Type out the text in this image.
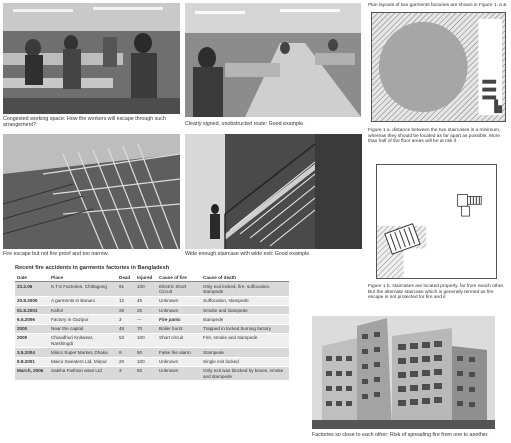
Congested working space: How the workers will escape through such arrangement?	Clearly signed, unobstructed route: Good example.
Fire escape but not fire proof and too narrow.	Wide enough staircase with wide exit: Good example.
Plan layouts of two garments factories are shown in Figure 1. a &
Figure 1 a. distance between the two staircases is a minimum, whereas they should be located as far apart as possible. More than half of the floor areas will be at risk if
Figure 1 b. staircases are located properly, far from neach other. But the alternate staircase which is generally termed as fire escape is not protected for fire and it
Recent fire accidents in garments factories in Bangladesh
Date	Place	Dead	Injured	Cause of fire	Cause of death
23.2.06	K.T.S Factories, Chittagong	91	100	Electric Short Circuit	Only exit locked, fire, suffocation, stampede
20.8.2000	A garments in Banani	12	45	Unknown	Suffocation, stampede
01.8.2001	Kafrul	26	25	Unknown	Smoke and stampede
6.5.2006	Factory in Gazipur	3	---	Fire panic	stampede
2000	Near the capital	48	70	Boiler burst	Trapped in locked burning factory
2000	Chowdhuri Knitwear, Narshingdi	53	100	Short circuit	Fire, smoke and stampede
3.5.2004	Misco Super Market, Dhaka	9	50	False fire alarm	Stampede
9.8.2001	Maico Sweaters Ltd, Mirpur	20	100	Unknown	Single exit locked
March, 2006	Saleha Fashion wear Ltd	3	50	Unknown	Only exit was blocked by boxes, smoke and stampede
Factories so close to each other: Risk of spreading fire from one to another.
